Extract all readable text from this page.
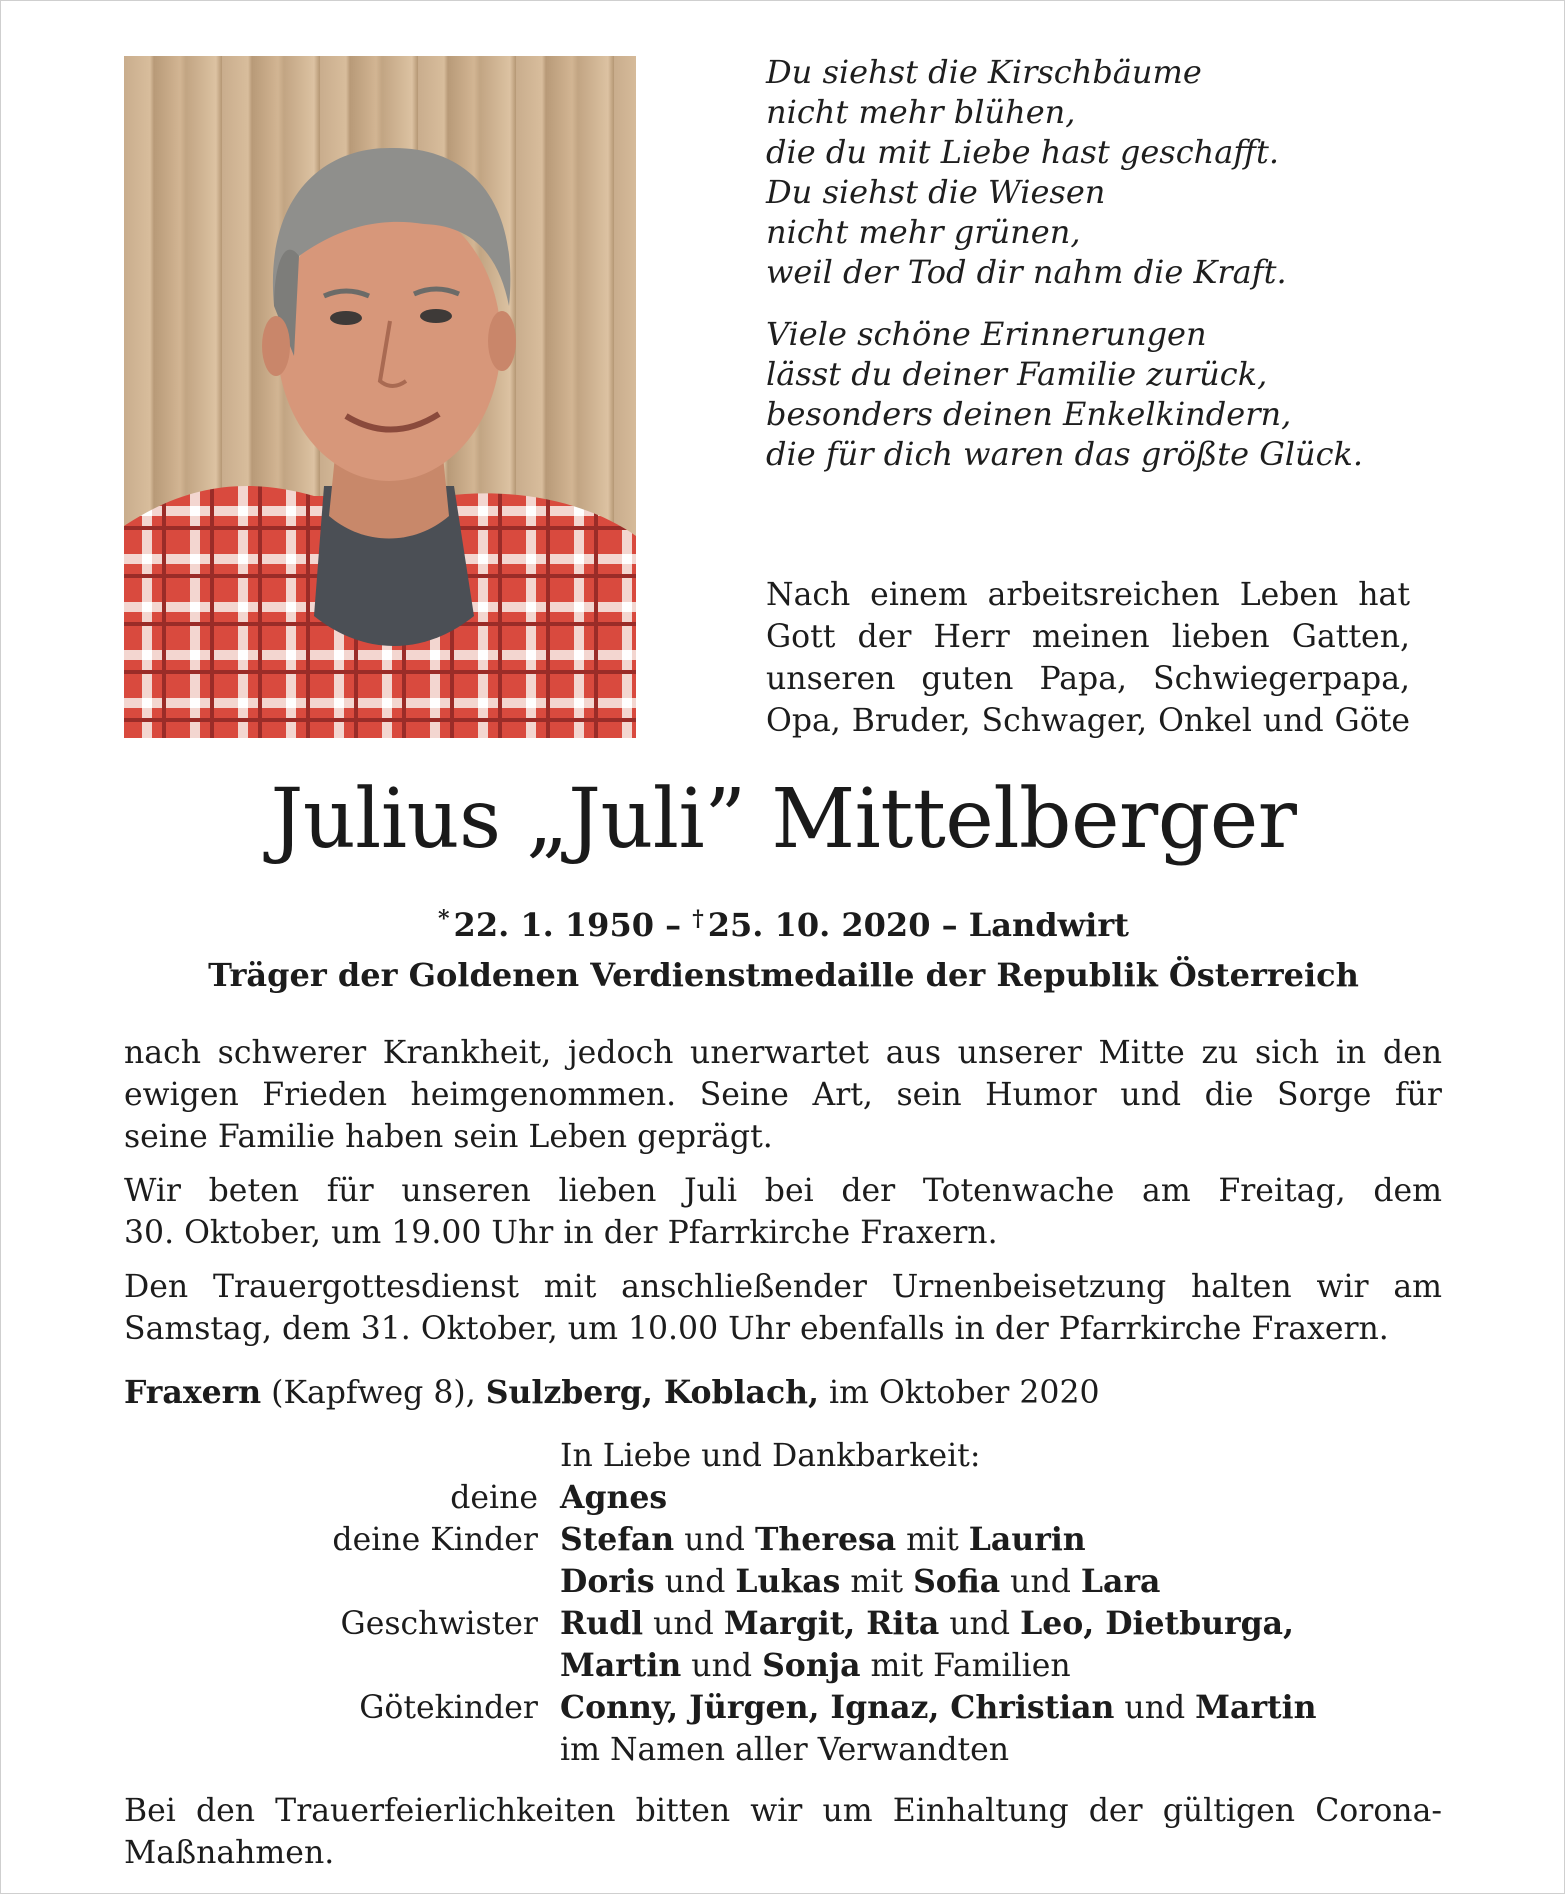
Du siehst die Kirschbäume
nicht mehr blühen,
die du mit Liebe hast geschafft.
Du siehst die Wiesen
nicht mehr grünen,
weil der Tod dir nahm die Kraft.

Viele schöne Erinnerungen
lässt du deiner Familie zurück,
besonders deinen Enkelkindern,
die für dich waren das größte Glück.

Nach einem arbeitsreichen Leben hat
Gott der Herr meinen lieben Gatten,
unseren guten Papa, Schwiegerpapa,
Opa, Bruder, Schwager, Onkel und Göte
Julius „Juli” Mittelberger
* 22. 1. 1950 – † 25. 10. 2020 – Landwirt
Träger der Goldenen Verdienstmedaille der Republik Österreich

nach schwerer Krankheit, jedoch unerwartet aus unserer Mitte zu sich in den
ewigen Frieden heimgenommen. Seine Art, sein Humor und die Sorge für
seine Familie haben sein Leben geprägt.

Wir beten für unseren lieben Juli bei der Totenwache am Freitag, dem
30. Oktober, um 19.00 Uhr in der Pfarrkirche Fraxern.

Den Trauergottesdienst mit anschließender Urnenbeisetzung halten wir am
Samstag, dem 31. Oktober, um 10.00 Uhr ebenfalls in der Pfarrkirche Fraxern.

Fraxern (Kapfweg 8), Sulzberg, Koblach, im Oktober 2020
In Liebe und Dankbarkeit:
deine Agnes
deine Kinder Stefan und Theresa mit Laurin
Doris und Lukas mit Sofia und Lara
Geschwister Rudl und Margit, Rita und Leo, Dietburga,
Martin und Sonja mit Familien
Götekinder Conny, Jürgen, Ignaz, Christian und Martin
im Namen aller Verwandten
Bei den Trauerfeierlichkeiten bitten wir um Einhaltung der gültigen Corona-
Maßnahmen.
